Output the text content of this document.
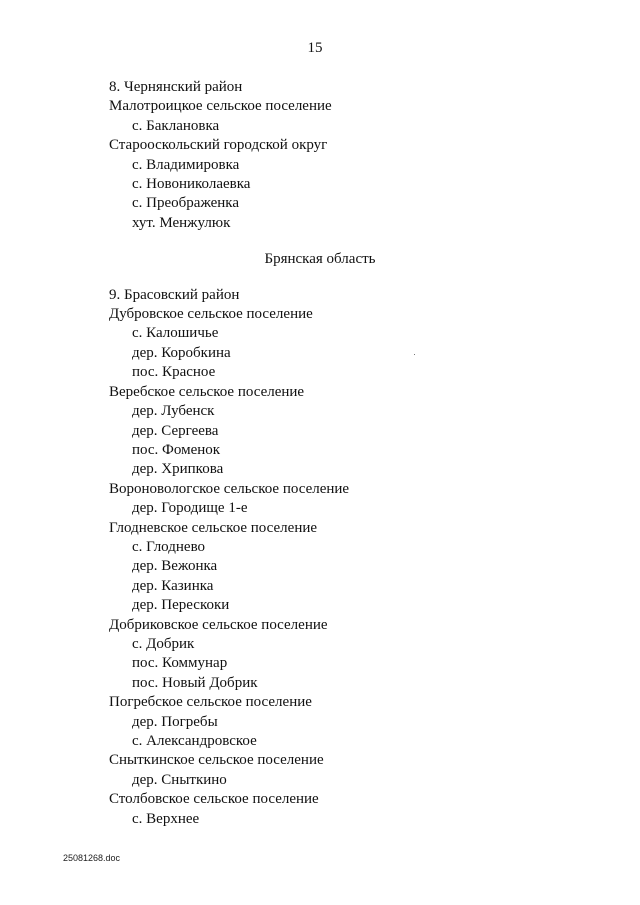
15
8. Чернянский район
Малотроицкое сельское поселение
с. Баклановка
Старооскольский городской округ
с. Владимировка
с. Новониколаевка
с. Преображенка
хут. Менжулюк
Брянская область
9. Брасовский район
Дубровское сельское поселение
с. Калошичье
дер. Коробкина
пос. Красное
Веребское сельское поселение
дер. Лубенск
дер. Сергеева
пос. Фоменок
дер. Хрипкова
Вороновологское сельское поселение
дер. Городище 1-е
Глодневское сельское поселение
с. Глоднево
дер. Вежонка
дер. Казинка
дер. Перескоки
Добриковское сельское поселение
с. Добрик
пос. Коммунар
пос. Новый Добрик
Погребское сельское поселение
дер. Погребы
с. Александровское
Сныткинское сельское поселение
дер. Сныткино
Столбовское сельское поселение
с. Верхнее
25081268.doc
